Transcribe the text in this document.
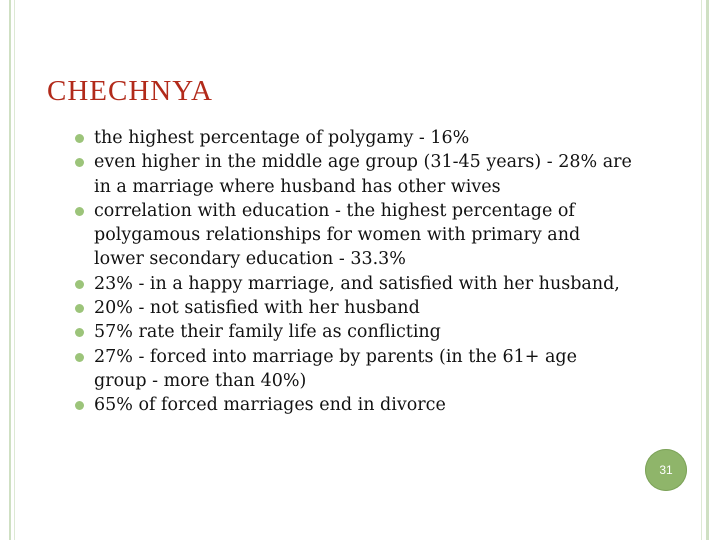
CHECHNYA
the highest percentage of polygamy - 16%
even higher in the middle age group (31-45 years) - 28% are in a marriage where husband has other wives
correlation with education - the highest percentage of polygamous relationships for women with primary and lower secondary education - 33.3%
23% - in a happy marriage, and satisfied with her husband,
20% - not satisfied with her husband
57% rate their family life as conflicting
27% - forced into marriage by parents (in the 61+ age group - more than 40%)
65% of forced marriages end in divorce
31
